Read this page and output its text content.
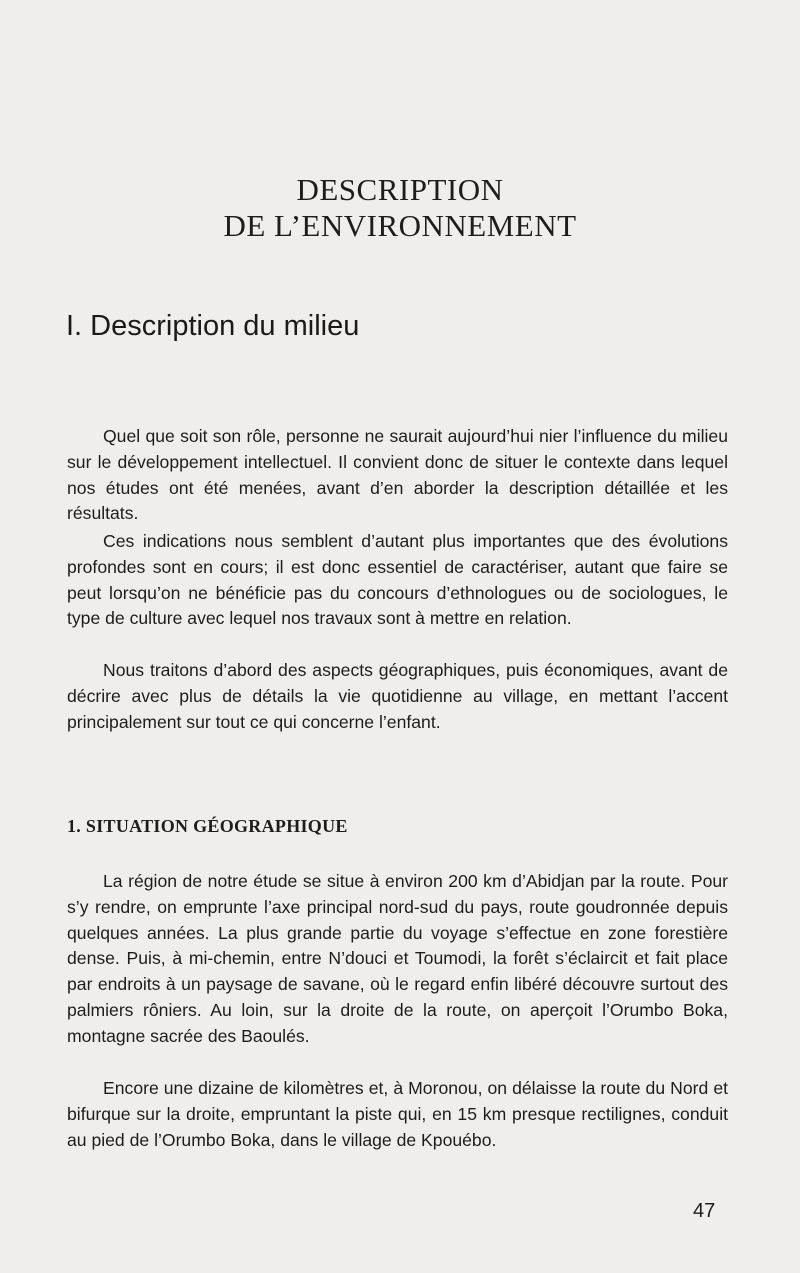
DESCRIPTION
DE L’ENVIRONNEMENT
I. Description du milieu

Quel que soit son rôle, personne ne saurait aujourd’hui nier l’influence du milieu sur le développement intellectuel. Il convient donc de situer le contexte dans lequel nos études ont été menées, avant d’en aborder la description détaillée et les résultats.

Ces indications nous semblent d’autant plus importantes que des évolutions profondes sont en cours; il est donc essentiel de caractériser, autant que faire se peut lorsqu’on ne bénéficie pas du concours d’ethnologues ou de sociologues, le type de culture avec lequel nos travaux sont à mettre en relation.

Nous traitons d’abord des aspects géographiques, puis économiques, avant de décrire avec plus de détails la vie quotidienne au village, en mettant l’accent principalement sur tout ce qui concerne l’enfant.

1. SITUATION GÉOGRAPHIQUE

La région de notre étude se situe à environ 200 km d’Abidjan par la route. Pour s’y rendre, on emprunte l’axe principal nord-sud du pays, route goudronnée depuis quelques années. La plus grande partie du voyage s’effectue en zone forestière dense. Puis, à mi-chemin, entre N’douci et Toumodi, la forêt s’éclaircit et fait place par endroits à un paysage de savane, où le regard enfin libéré découvre surtout des palmiers rôniers. Au loin, sur la droite de la route, on aperçoit l’Orumbo Boka, montagne sacrée des Baoulés.

Encore une dizaine de kilomètres et, à Moronou, on délaisse la route du Nord et bifurque sur la droite, empruntant la piste qui, en 15 km presque rectilignes, conduit au pied de l’Orumbo Boka, dans le village de Kpouébo.

47
